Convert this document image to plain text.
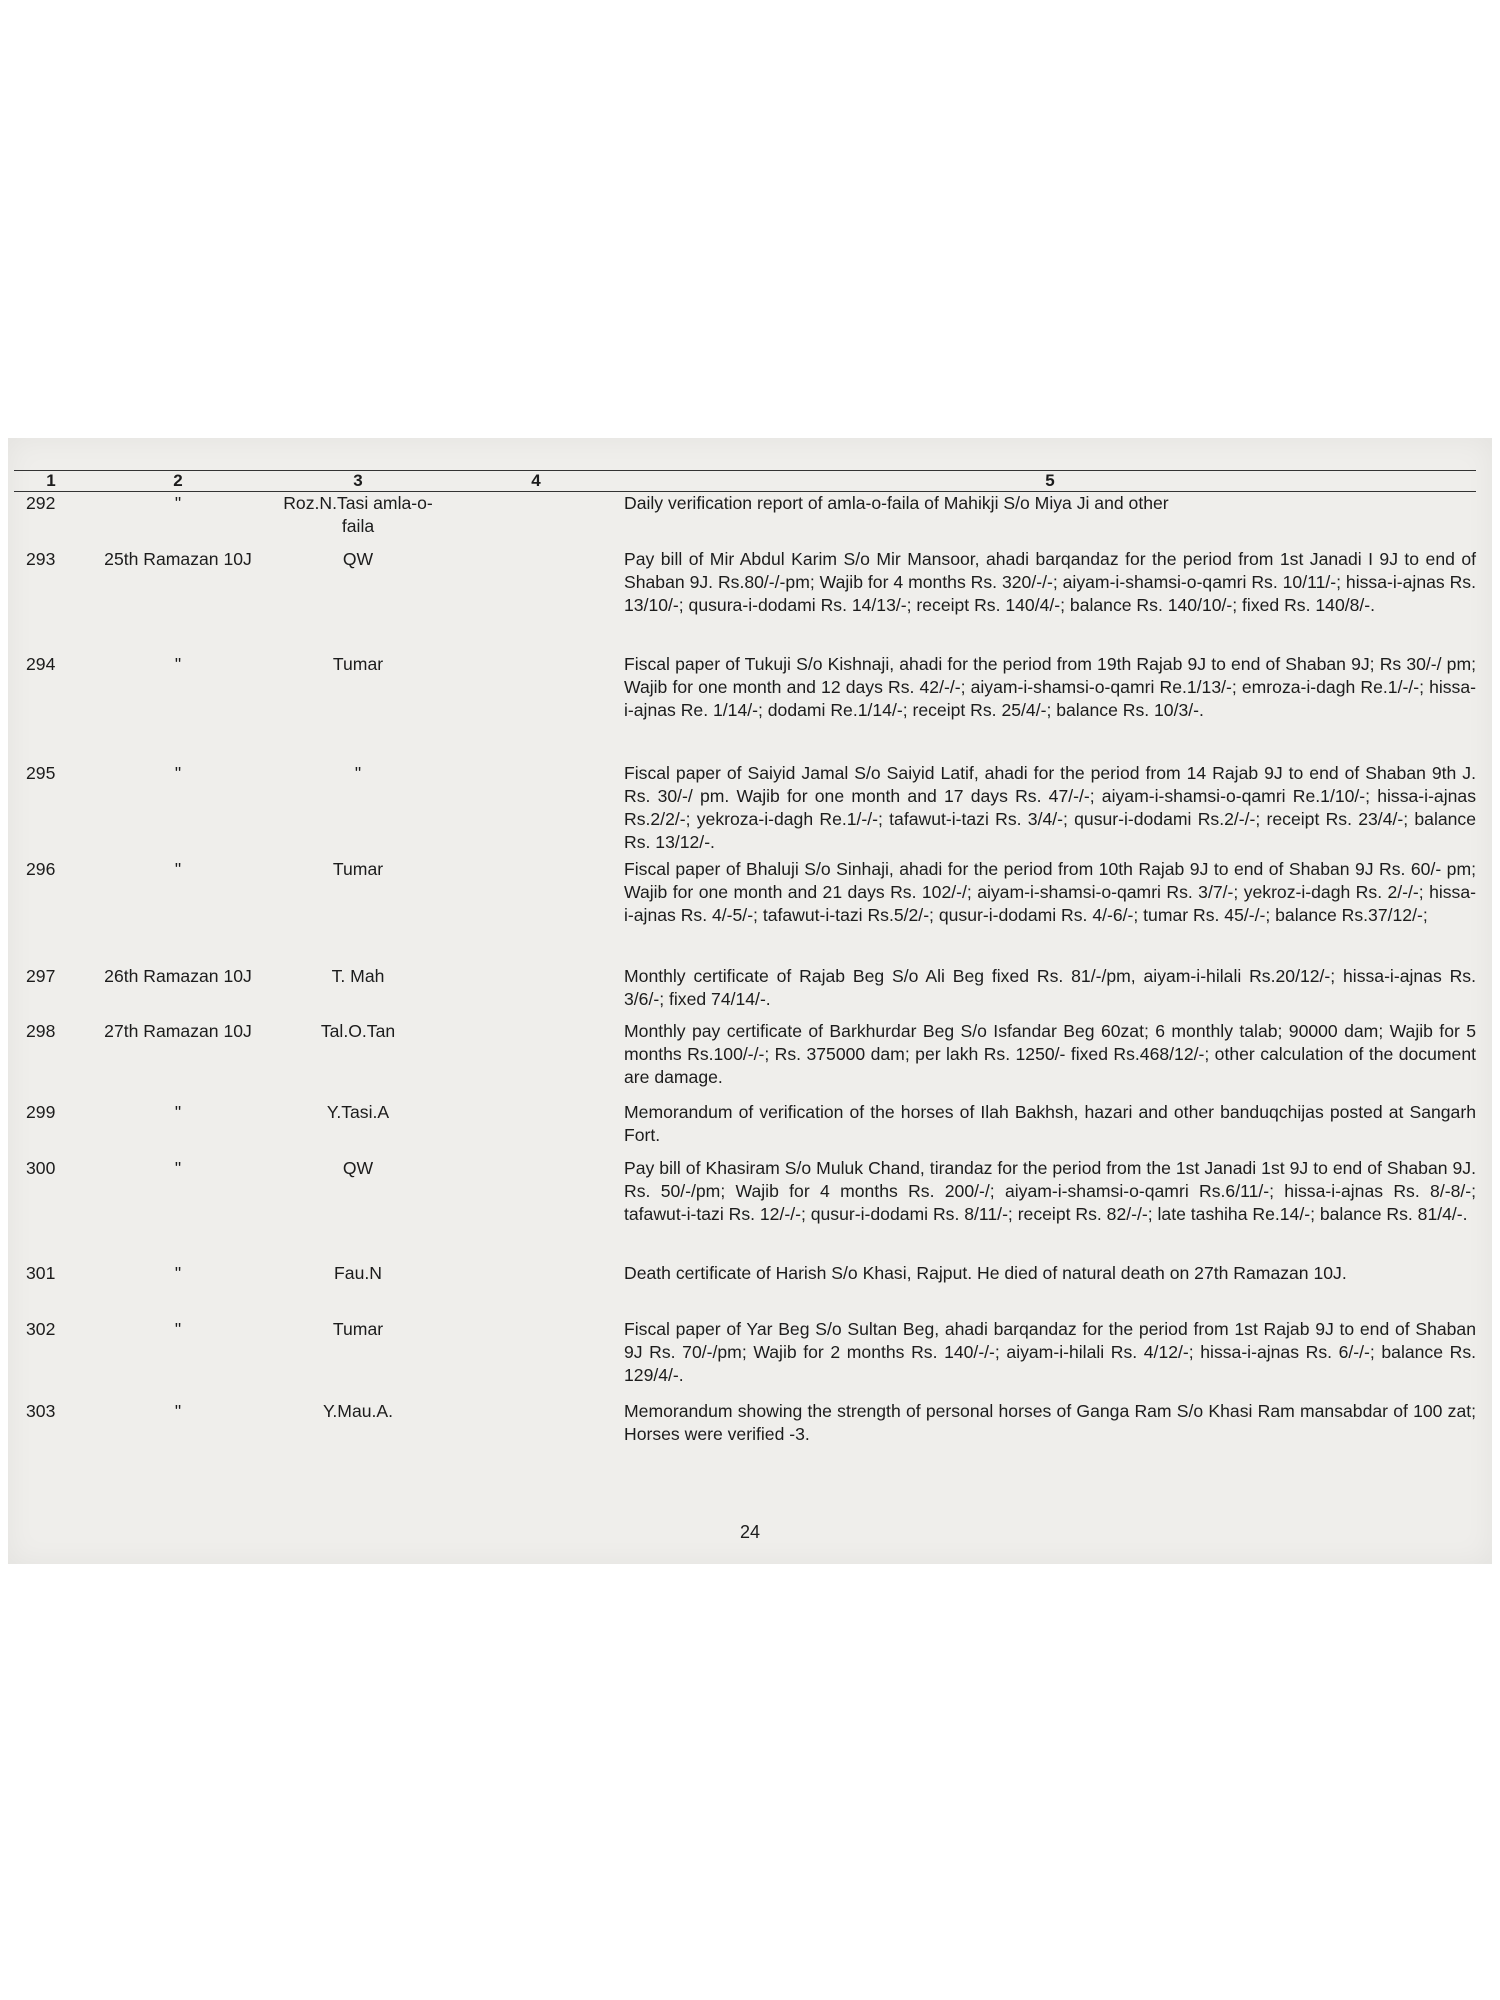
1	2	3	4	5
292	"	Roz.N.Tasi amla-o-faila		Daily verification report of amla-o-faila of Mahikji S/o Miya Ji and other
293	25th Ramazan 10J	QW		Pay bill of Mir Abdul Karim S/o Mir Mansoor, ahadi barqandaz for the period from 1st Janadi I 9J to end of Shaban 9J. Rs.80/-/-pm; Wajib for 4 months Rs. 320/-/-; aiyam-i-shamsi-o-qamri Rs. 10/11/-; hissa-i-ajnas Rs. 13/10/-; qusura-i-dodami Rs. 14/13/-; receipt Rs. 140/4/-; balance Rs. 140/10/-; fixed Rs. 140/8/-.
294	"	Tumar		Fiscal paper of Tukuji S/o Kishnaji, ahadi for the period from 19th Rajab 9J to end of Shaban 9J; Rs 30/-/ pm; Wajib for one month and 12 days Rs. 42/-/-; aiyam-i-shamsi-o-qamri Re.1/13/-; emroza-i-dagh Re.1/-/-; hissa-i-ajnas Re. 1/14/-; dodami Re.1/14/-; receipt Rs. 25/4/-; balance Rs. 10/3/-.
295	"	"		Fiscal paper of Saiyid Jamal S/o Saiyid Latif, ahadi for the period from 14 Rajab 9J to end of Shaban 9th J. Rs. 30/-/ pm. Wajib for one month and 17 days Rs. 47/-/-; aiyam-i-shamsi-o-qamri Re.1/10/-; hissa-i-ajnas Rs.2/2/-; yekroza-i-dagh Re.1/-/-; tafawut-i-tazi Rs. 3/4/-; qusur-i-dodami Rs.2/-/-; receipt Rs. 23/4/-; balance Rs. 13/12/-.
296	"	Tumar		Fiscal paper of Bhaluji S/o Sinhaji, ahadi for the period from 10th Rajab 9J to end of Shaban 9J Rs. 60/- pm; Wajib for one month and 21 days Rs. 102/-/; aiyam-i-shamsi-o-qamri Rs. 3/7/-; yekroz-i-dagh Rs. 2/-/-; hissa-i-ajnas Rs. 4/-5/-; tafawut-i-tazi Rs.5/2/-; qusur-i-dodami Rs. 4/-6/-; tumar Rs. 45/-/-; balance Rs.37/12/-;
297	26th Ramazan 10J	T. Mah		Monthly certificate of Rajab Beg S/o Ali Beg fixed Rs. 81/-/pm, aiyam-i-hilali Rs.20/12/-; hissa-i-ajnas Rs. 3/6/-; fixed 74/14/-.
298	27th Ramazan 10J	Tal.O.Tan		Monthly pay certificate of Barkhurdar Beg S/o Isfandar Beg 60zat; 6 monthly talab; 90000 dam; Wajib for 5 months Rs.100/-/-; Rs. 375000 dam; per lakh Rs. 1250/- fixed Rs.468/12/-; other calculation of the document are damage.
299	"	Y.Tasi.A		Memorandum of verification of the horses of Ilah Bakhsh, hazari and other banduqchijas posted at Sangarh Fort.
300	"	QW		Pay bill of Khasiram S/o Muluk Chand, tirandaz for the period from the 1st Janadi 1st 9J to end of Shaban 9J. Rs. 50/-/pm; Wajib for 4 months Rs. 200/-/; aiyam-i-shamsi-o-qamri Rs.6/11/-; hissa-i-ajnas Rs. 8/-8/-; tafawut-i-tazi Rs. 12/-/-; qusur-i-dodami Rs. 8/11/-; receipt Rs. 82/-/-; late tashiha Re.14/-; balance Rs. 81/4/-.
301	"	Fau.N		Death certificate of Harish S/o Khasi, Rajput. He died of natural death on 27th Ramazan 10J.
302	"	Tumar		Fiscal paper of Yar Beg S/o Sultan Beg, ahadi barqandaz for the period from 1st Rajab 9J to end of Shaban 9J Rs. 70/-/pm; Wajib for 2 months Rs. 140/-/-; aiyam-i-hilali Rs. 4/12/-; hissa-i-ajnas Rs. 6/-/-; balance Rs. 129/4/-.
303	"	Y.Mau.A.		Memorandum showing the strength of personal horses of Ganga Ram S/o Khasi Ram mansabdar of 100 zat; Horses were verified -3.
24
